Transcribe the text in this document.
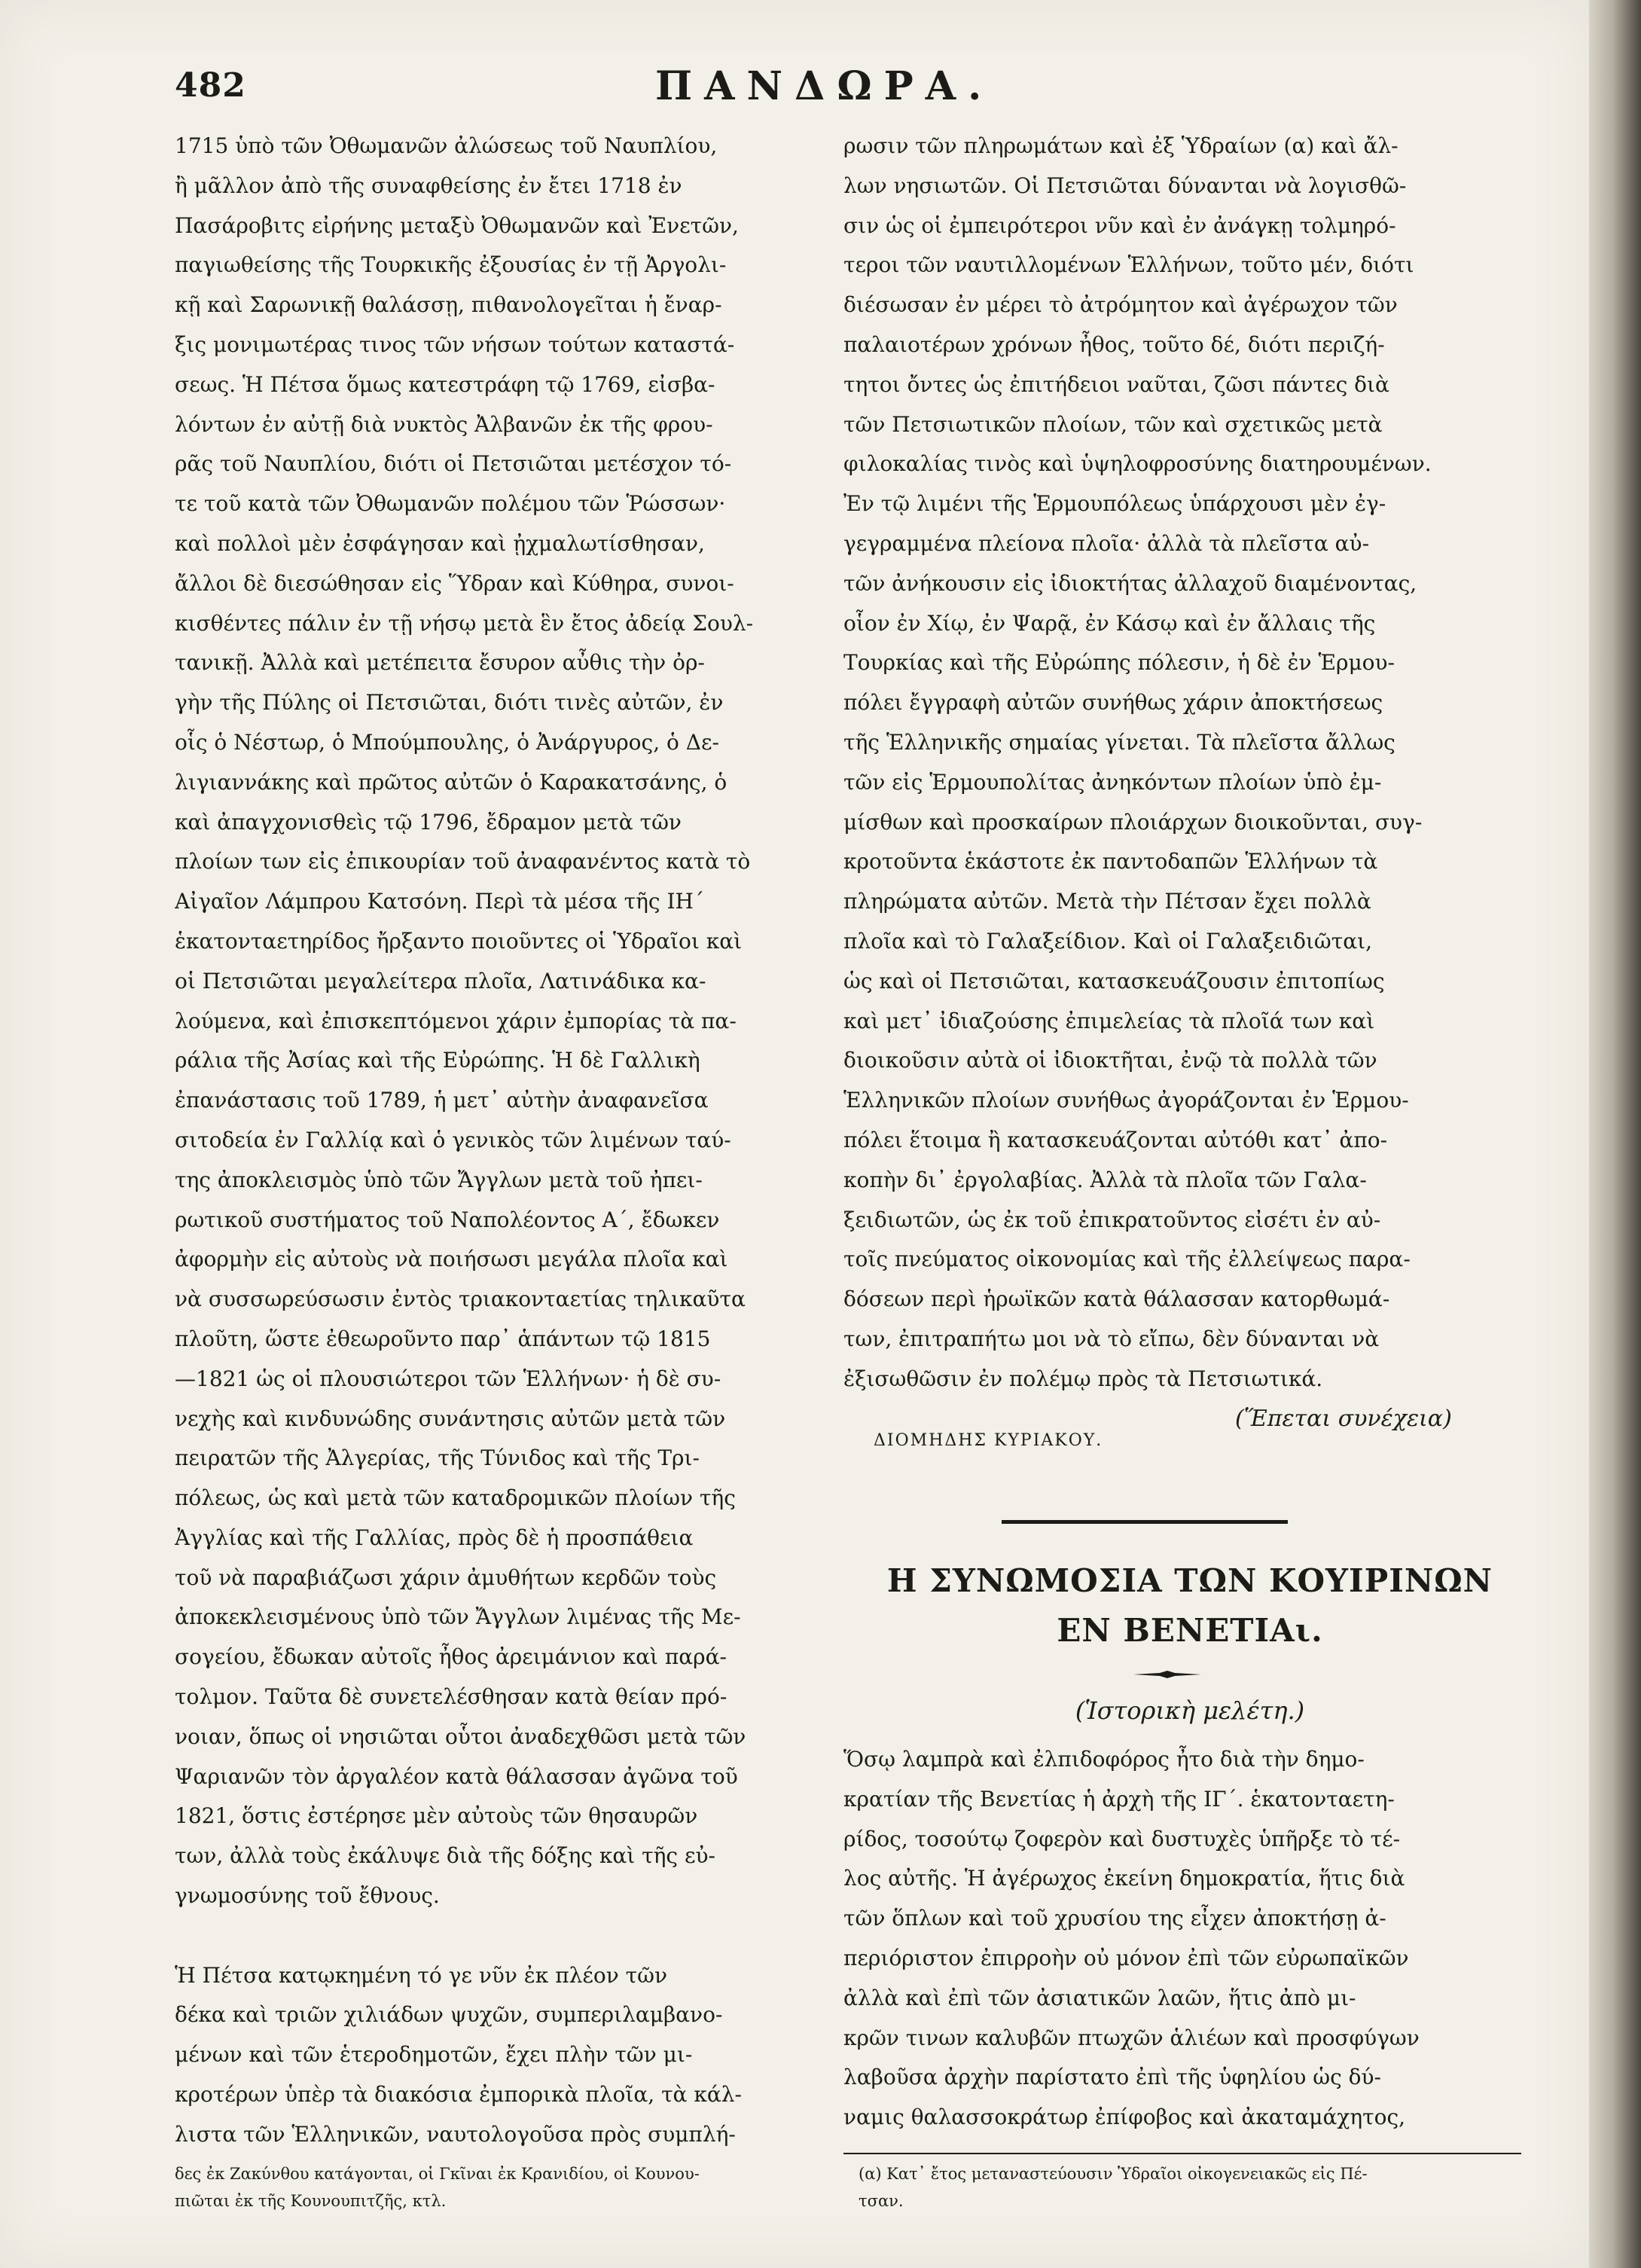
482	ΠΑΝΔΩΡΑ.
1715 ὑπὸ τῶν Ὀθωμανῶν ἀλώσεως τοῦ Ναυπλίου,
ἢ μᾶλλον ἀπὸ τῆς συναφθείσης ἐν ἔτει 1718 ἐν
Πασάροβιτς εἰρήνης μεταξὺ Ὀθωμανῶν καὶ Ἐνετῶν,
παγιωθείσης τῆς Τουρκικῆς ἐξουσίας ἐν τῇ Ἀργολι-
κῇ καὶ Σαρωνικῇ θαλάσσῃ, πιθανολογεῖται ἡ ἔναρ-
ξις μονιμωτέρας τινος τῶν νήσων τούτων καταστά-
σεως. Ἡ Πέτσα ὅμως κατεστράφη τῷ 1769, εἰσβα-
λόντων ἐν αὐτῇ διὰ νυκτὸς Ἀλβανῶν ἐκ τῆς φρου-
ρᾶς τοῦ Ναυπλίου, διότι οἱ Πετσιῶται μετέσχον τό-
τε τοῦ κατὰ τῶν Ὀθωμανῶν πολέμου τῶν Ῥώσσων·
καὶ πολλοὶ μὲν ἐσφάγησαν καὶ ᾐχμαλωτίσθησαν,
ἄλλοι δὲ διεσώθησαν εἰς Ὕδραν καὶ Κύθηρα, συνοι-
κισθέντες πάλιν ἐν τῇ νήσῳ μετὰ ἓν ἔτος ἀδείᾳ Σουλ-
τανικῇ. Ἀλλὰ καὶ μετέπειτα ἔσυρον αὖθις τὴν ὀρ-
γὴν τῆς Πύλης οἱ Πετσιῶται, διότι τινὲς αὐτῶν, ἐν
οἷς ὁ Νέστωρ, ὁ Μπούμπουλης, ὁ Ἀνάργυρος, ὁ Δε-
λιγιαννάκης καὶ πρῶτος αὐτῶν ὁ Καρακατσάνης, ὁ
καὶ ἀπαγχονισθεὶς τῷ 1796, ἔδραμον μετὰ τῶν
πλοίων των εἰς ἐπικουρίαν τοῦ ἀναφανέντος κατὰ τὸ
Αἰγαῖον Λάμπρου Κατσόνη. Περὶ τὰ μέσα τῆς ΙΗ΄
ἑκατονταετηρίδος ἤρξαντο ποιοῦντες οἱ Ὑδραῖοι καὶ
οἱ Πετσιῶται μεγαλείτερα πλοῖα, Λατινάδικα κα-
λούμενα, καὶ ἐπισκεπτόμενοι χάριν ἐμπορίας τὰ πα-
ράλια τῆς Ἀσίας καὶ τῆς Εὐρώπης. Ἡ δὲ Γαλλικὴ
ἐπανάστασις τοῦ 1789, ἡ μετ᾽ αὐτὴν ἀναφανεῖσα
σιτοδεία ἐν Γαλλίᾳ καὶ ὁ γενικὸς τῶν λιμένων ταύ-
της ἀποκλεισμὸς ὑπὸ τῶν Ἄγγλων μετὰ τοῦ ἠπει-
ρωτικοῦ συστήματος τοῦ Ναπολέοντος Α΄, ἔδωκεν
ἀφορμὴν εἰς αὐτοὺς νὰ ποιήσωσι μεγάλα πλοῖα καὶ
νὰ συσσωρεύσωσιν ἐντὸς τριακονταετίας τηλικαῦτα
πλοῦτη, ὥστε ἐθεωροῦντο παρ᾽ ἁπάντων τῷ 1815
—1821 ὡς οἱ πλουσιώτεροι τῶν Ἑλλήνων· ἡ δὲ συ-
νεχὴς καὶ κινδυνώδης συνάντησις αὐτῶν μετὰ τῶν
πειρατῶν τῆς Ἀλγερίας, τῆς Τύνιδος καὶ τῆς Τρι-
πόλεως, ὡς καὶ μετὰ τῶν καταδρομικῶν πλοίων τῆς
Ἀγγλίας καὶ τῆς Γαλλίας, πρὸς δὲ ἡ προσπάθεια
τοῦ νὰ παραβιάζωσι χάριν ἀμυθήτων κερδῶν τοὺς
ἀποκεκλεισμένους ὑπὸ τῶν Ἄγγλων λιμένας τῆς Με-
σογείου, ἔδωκαν αὐτοῖς ἦθος ἀρειμάνιον καὶ παρά-
τολμον. Ταῦτα δὲ συνετελέσθησαν κατὰ θείαν πρό-
νοιαν, ὅπως οἱ νησιῶται οὗτοι ἀναδεχθῶσι μετὰ τῶν
Ψαριανῶν τὸν ἀργαλέον κατὰ θάλασσαν ἀγῶνα τοῦ
1821, ὅστις ἐστέρησε μὲν αὐτοὺς τῶν θησαυρῶν
των, ἀλλὰ τοὺς ἐκάλυψε διὰ τῆς δόξης καὶ τῆς εὐ-
γνωμοσύνης τοῦ ἔθνους.
Ἡ Πέτσα κατῳκημένη τό γε νῦν ἐκ πλέον τῶν
δέκα καὶ τριῶν χιλιάδων ψυχῶν, συμπεριλαμβανο-
μένων καὶ τῶν ἑτεροδημοτῶν, ἔχει πλὴν τῶν μι-
κροτέρων ὑπὲρ τὰ διακόσια ἐμπορικὰ πλοῖα, τὰ κάλ-
λιστα τῶν Ἑλληνικῶν, ναυτολογοῦσα πρὸς συμπλή-
ρωσιν τῶν πληρωμάτων καὶ ἐξ Ὑδραίων (α) καὶ ἄλ-
λων νησιωτῶν. Οἱ Πετσιῶται δύνανται νὰ λογισθῶ-
σιν ὡς οἱ ἐμπειρότεροι νῦν καὶ ἐν ἀνάγκῃ τολμηρό-
τεροι τῶν ναυτιλλομένων Ἑλλήνων, τοῦτο μέν, διότι
διέσωσαν ἐν μέρει τὸ ἀτρόμητον καὶ ἀγέρωχον τῶν
παλαιοτέρων χρόνων ἦθος, τοῦτο δέ, διότι περιζή-
τητοι ὄντες ὡς ἐπιτήδειοι ναῦται, ζῶσι πάντες διὰ
τῶν Πετσιωτικῶν πλοίων, τῶν καὶ σχετικῶς μετὰ
φιλοκαλίας τινὸς καὶ ὑψηλοφροσύνης διατηρουμένων.
Ἐν τῷ λιμένι τῆς Ἑρμουπόλεως ὑπάρχουσι μὲν ἐγ-
γεγραμμένα πλείονα πλοῖα· ἀλλὰ τὰ πλεῖστα αὐ-
τῶν ἀνήκουσιν εἰς ἰδιοκτήτας ἀλλαχοῦ διαμένοντας,
οἷον ἐν Χίῳ, ἐν Ψαρᾷ, ἐν Κάσῳ καὶ ἐν ἄλλαις τῆς
Τουρκίας καὶ τῆς Εὐρώπης πόλεσιν, ἡ δὲ ἐν Ἑρμου-
πόλει ἔγγραφὴ αὐτῶν συνήθως χάριν ἀποκτήσεως
τῆς Ἑλληνικῆς σημαίας γίνεται. Τὰ πλεῖστα ἄλλως
τῶν εἰς Ἑρμουπολίτας ἀνηκόντων πλοίων ὑπὸ ἐμ-
μίσθων καὶ προσκαίρων πλοιάρχων διοικοῦνται, συγ-
κροτοῦντα ἑκάστοτε ἐκ παντοδαπῶν Ἑλλήνων τὰ
πληρώματα αὐτῶν. Μετὰ τὴν Πέτσαν ἔχει πολλὰ
πλοῖα καὶ τὸ Γαλαξείδιον. Καὶ οἱ Γαλαξειδιῶται,
ὡς καὶ οἱ Πετσιῶται, κατασκευάζουσιν ἐπιτοπίως
καὶ μετ᾽ ἰδιαζούσης ἐπιμελείας τὰ πλοῖά των καὶ
διοικοῦσιν αὐτὰ οἱ ἰδιοκτῆται, ἐνῷ τὰ πολλὰ τῶν
Ἑλληνικῶν πλοίων συνήθως ἀγοράζονται ἐν Ἑρμου-
πόλει ἕτοιμα ἢ κατασκευάζονται αὐτόθι κατ᾽ ἀπο-
κοπὴν δι᾽ ἐργολαβίας. Ἀλλὰ τὰ πλοῖα τῶν Γαλα-
ξειδιωτῶν, ὡς ἐκ τοῦ ἐπικρατοῦντος εἰσέτι ἐν αὐ-
τοῖς πνεύματος οἰκονομίας καὶ τῆς ἐλλείψεως παρα-
δόσεων περὶ ἡρωϊκῶν κατὰ θάλασσαν κατορθωμά-
των, ἐπιτραπήτω μοι νὰ τὸ εἴπω, δὲν δύνανται νὰ
ἐξισωθῶσιν ἐν πολέμῳ πρὸς τὰ Πετσιωτικά.
(Ἕπεται συνέχεια)
ΔΙΟΜΗΔΗΣ ΚΥΡΙΑΚΟΥ.
Η ΣΥΝΩΜΟΣΙΑ ΤΩΝ ΚΟΥΙΡΙΝΩΝ
ΕΝ ΒΕΝΕΤΙΑι.
(Ἱστορικὴ μελέτη.)
Ὅσῳ λαμπρὰ καὶ ἐλπιδοφόρος ἦτο διὰ τὴν δημο-
κρατίαν τῆς Βενετίας ἡ ἀρχὴ τῆς ΙΓ΄. ἑκατονταετη-
ρίδος, τοσούτῳ ζοφερὸν καὶ δυστυχὲς ὑπῆρξε τὸ τέ-
λος αὐτῆς. Ἡ ἀγέρωχος ἐκείνη δημοκρατία, ἥτις διὰ
τῶν ὅπλων καὶ τοῦ χρυσίου της εἶχεν ἀποκτήσῃ ἀ-
περιόριστον ἐπιρροὴν οὐ μόνον ἐπὶ τῶν εὐρωπαϊκῶν
ἀλλὰ καὶ ἐπὶ τῶν ἀσιατικῶν λαῶν, ἥτις ἀπὸ μι-
κρῶν τινων καλυβῶν πτωχῶν ἁλιέων καὶ προσφύγων
λαβοῦσα ἀρχὴν παρίστατο ἐπὶ τῆς ὑφηλίου ὡς δύ-
ναμις θαλασσοκράτωρ ἐπίφοβος καὶ ἀκαταμάχητος,
δες ἐκ Ζακύνθου κατάγονται, οἱ Γκῖναι ἐκ Κρανιδίου, οἱ Κουνου-
πιῶται ἐκ τῆς Κουνουπιτζῆς, κτλ.
(α) Κατ᾽ ἔτος μεταναστεύουσιν Ὑδραῖοι οἰκογενειακῶς εἰς Πέ-
τσαν.
